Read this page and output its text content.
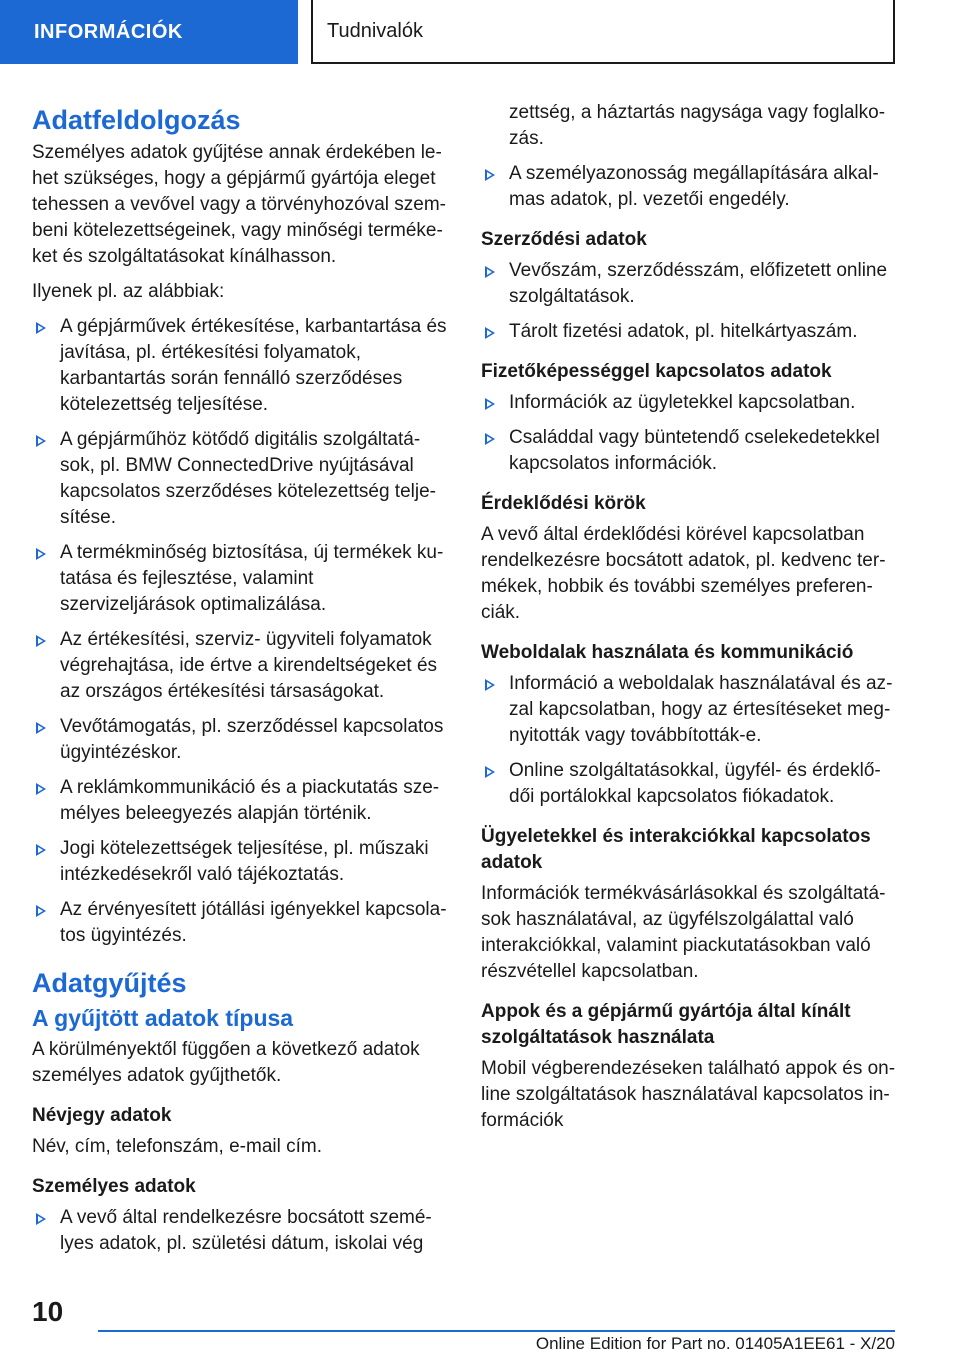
INFORMÁCIÓK	Tudnivalók
Adatfeldolgozás

Személyes adatok gyűjtése annak érdekében lehet szükséges, hogy a gépjármű gyártója eleget tehessen a vevővel vagy a törvényhozóval szembeni kötelezettségeinek, vagy minőségi termékeket és szolgáltatásokat kínálhasson.

Ilyenek pl. az alábbiak:

A gépjárművek értékesítése, karbantartása és javítása, pl. értékesítési folyamatok, karbantartás során fennálló szerződéses kötelezettség teljesítése.
A gépjárműhöz kötődő digitális szolgáltatások, pl. BMW ConnectedDrive nyújtásával kapcsolatos szerződéses kötelezettség teljesítése.
A termékminőség biztosítása, új termékek kutatása és fejlesztése, valamint szervizeljárások optimalizálása.
Az értékesítési, szerviz- ügyviteli folyamatok végrehajtása, ide értve a kirendeltségeket és az országos értékesítési társaságokat.
Vevőtámogatás, pl. szerződéssel kapcsolatos ügyintézéskor.
A reklámkommunikáció és a piackutatás személyes beleegyezés alapján történik.
Jogi kötelezettségek teljesítése, pl. műszaki intézkedésekről való tájékoztatás.
Az érvényesített jótállási igényekkel kapcsolatos ügyintézés.
Adatgyűjtés
A gyűjtött adatok típusa

A körülményektől függően a következő adatok személyes adatok gyűjthetők.

Névjegy adatok

Név, cím, telefonszám, e-mail cím.

Személyes adatok
A vevő által rendelkezésre bocsátott személyes adatok, pl. születési dátum, iskolai vég

zettség, a háztartás nagysága vagy foglalkozás.

A személyazonosság megállapítására alkalmas adatok, pl. vezetői engedély.
Szerződési adatok
Vevőszám, szerződésszám, előfizetett online szolgáltatások.
Tárolt fizetési adatok, pl. hitelkártyaszám.
Fizetőképességgel kapcsolatos adatok
Információk az ügyletekkel kapcsolatban.
Családdal vagy büntetendő cselekedetekkel kapcsolatos információk.
Érdeklődési körök

A vevő által érdeklődési körével kapcsolatban rendelkezésre bocsátott adatok, pl. kedvenc termékek, hobbik és további személyes preferenciák.

Weboldalak használata és kommunikáció
Információ a weboldalak használatával és azzal kapcsolatban, hogy az értesítéseket megnyitották vagy továbbították-e.
Online szolgáltatásokkal, ügyfél- és érdeklődői portálokkal kapcsolatos fiókadatok.
Ügyeletekkel és interakciókkal kapcsolatos adatok

Információk termékvásárlásokkal és szolgáltatások használatával, az ügyfélszolgálattal való interakciókkal, valamint piackutatásokban való részvétellel kapcsolatban.

Appok és a gépjármű gyártója által kínált szolgáltatások használata

Mobil végberendezéseken található appok és online szolgáltatások használatával kapcsolatos információk

10
Online Edition for Part no. 01405A1EE61 - X/20
